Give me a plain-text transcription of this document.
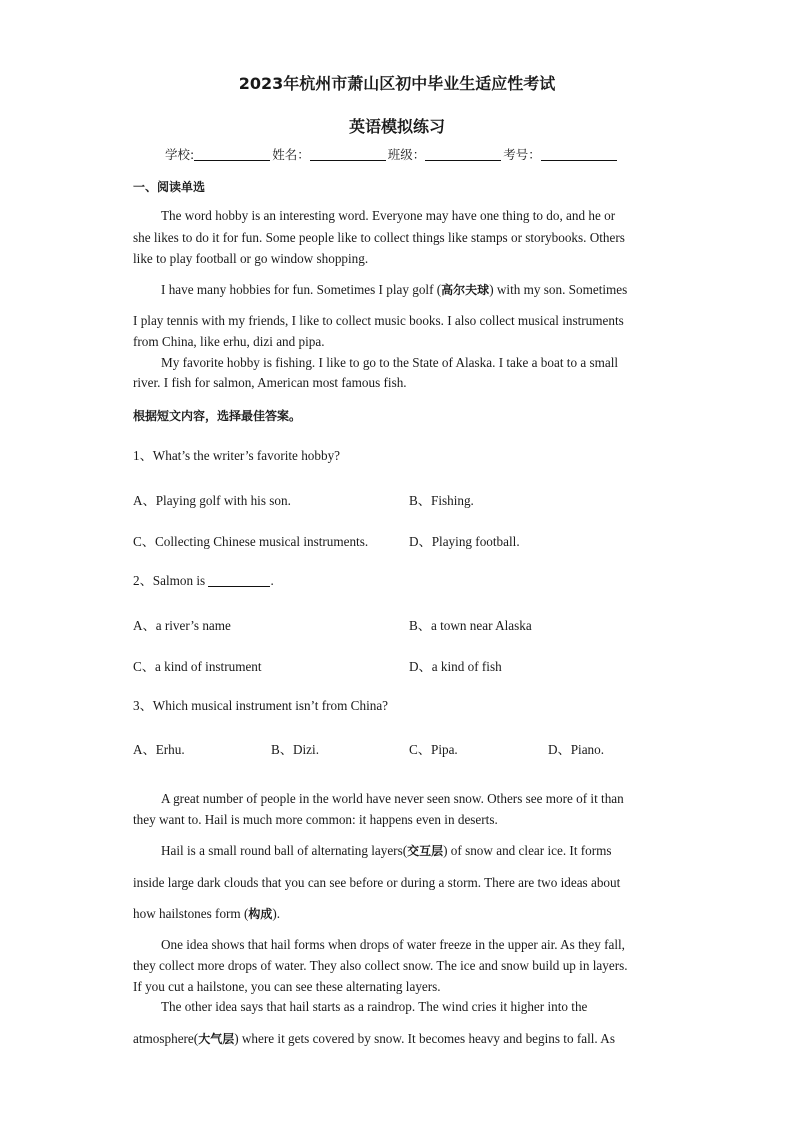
2023年杭州市萧山区初中毕业生适应性考试
英语模拟练习
学校:	姓名：	班级：	考号：
一、阅读单选
The word hobby is an interesting word. Everyone may have one thing to do, and he or
she likes to do it for fun. Some people like to collect things like stamps or storybooks. Others
like to play football or go window shopping.
I have many hobbies for fun. Sometimes I play golf (高尔夫球) with my son. Sometimes
I play tennis with my friends, I like to collect music books. I also collect musical instruments
from China, like erhu, dizi and pipa.
My favorite hobby is fishing. I like to go to the State of Alaska. I take a boat to a small
river. I fish for salmon, American most famous fish.
根据短文内容，选择最佳答案。
1、What’s the writer’s favorite hobby?
A、Playing golf with his son.	B、Fishing.
C、Collecting Chinese musical instruments.	D、Playing football.
2、Salmon is	.
A、a river’s name	B、a town near Alaska
C、a kind of instrument	D、a kind of fish
3、Which musical instrument isn’t from China?
A、Erhu.	B、Dizi.	C、Pipa.	D、Piano.
A great number of people in the world have never seen snow. Others see more of it than
they want to. Hail is much more common: it happens even in deserts.
Hail is a small round ball of alternating layers(交互层) of snow and clear ice. It forms
inside large dark clouds that you can see before or during a storm. There are two ideas about
how hailstones form (构成).
One idea shows that hail forms when drops of water freeze in the upper air. As they fall,
they collect more drops of water. They also collect snow. The ice and snow build up in layers.
If you cut a hailstone, you can see these alternating layers.
The other idea says that hail starts as a raindrop. The wind cries it higher into the
atmosphere(大气层) where it gets covered by snow. It becomes heavy and begins to fall. As
